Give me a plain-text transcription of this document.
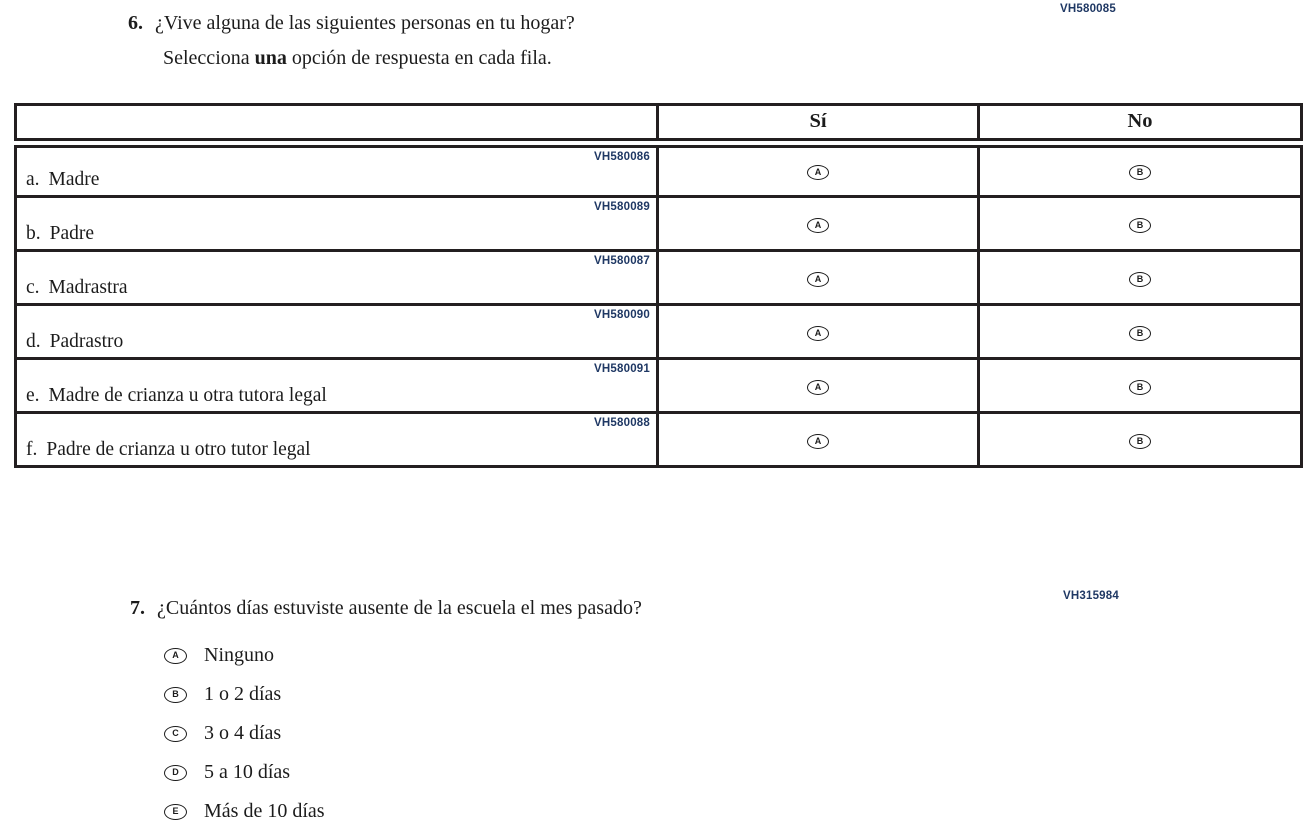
VH580085
6. ¿Vive alguna de las siguientes personas en tu hogar?
Selecciona una opción de respuesta en cada fila.
	Sí	No

VH580086
a. Madre	A	B

VH580089
b. Padre	A	B

VH580087
c. Madrastra	A	B

VH580090
d. Padrastro	A	B

VH580091
e. Madre de crianza u otra tutora legal	A	B

VH580088
f. Padre de crianza u otro tutor legal	A	B
VH315984
7. ¿Cuántos días estuviste ausente de la escuela el mes pasado?
A	Ninguno
B	1 o 2 días
C	3 o 4 días
D	5 a 10 días
E	Más de 10 días
